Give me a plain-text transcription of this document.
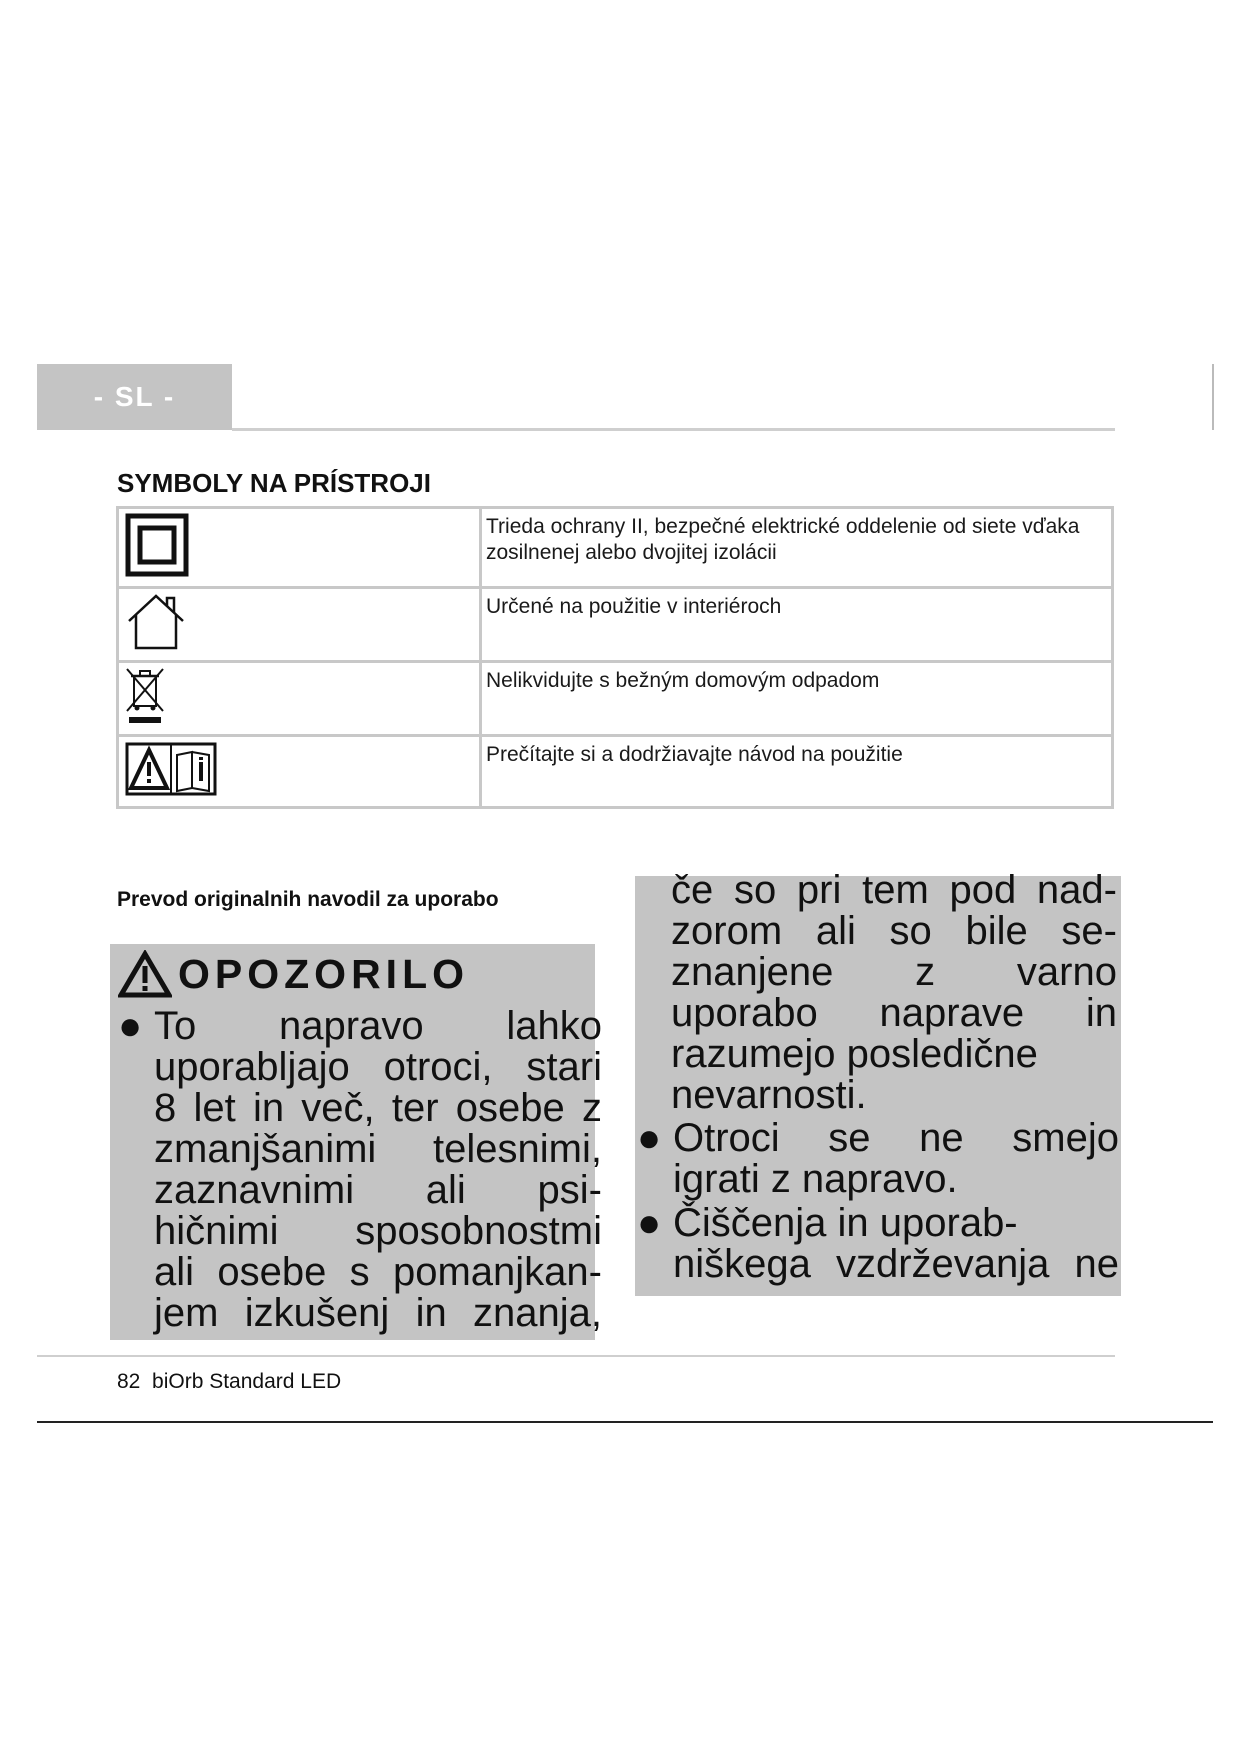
- SL -
SYMBOLY NA PRÍSTROJI

Trieda ochrany II, bezpečné elektrické oddelenie od siete vďaka
zosilnenej alebo dvojitej izolácii

Určené na použitie v interiéroch

Nelikvidujte s bežným domovým odpadom

Prečítajte si a dodržiavajte návod na použitie
Prevod originalnih navodil za uporabo
OPOZORILO
● To napravo lahko
uporabljajo otroci, stari
8 let in več, ter osebe z
zmanjšanimi telesnimi,
zaznavnimi ali psi-
hičnimi sposobnostmi
ali osebe s pomanjkan-
jem izkušenj in znanja,
če so pri tem pod nad-
zorom ali so bile se-
znanjene z varno
uporabo naprave in
razumejo posledične
nevarnosti.
● Otroci se ne smejo
igrati z napravo.
● Čiščenja in uporab-
niškega vzdrževanja ne
82 biOrb Standard LED
